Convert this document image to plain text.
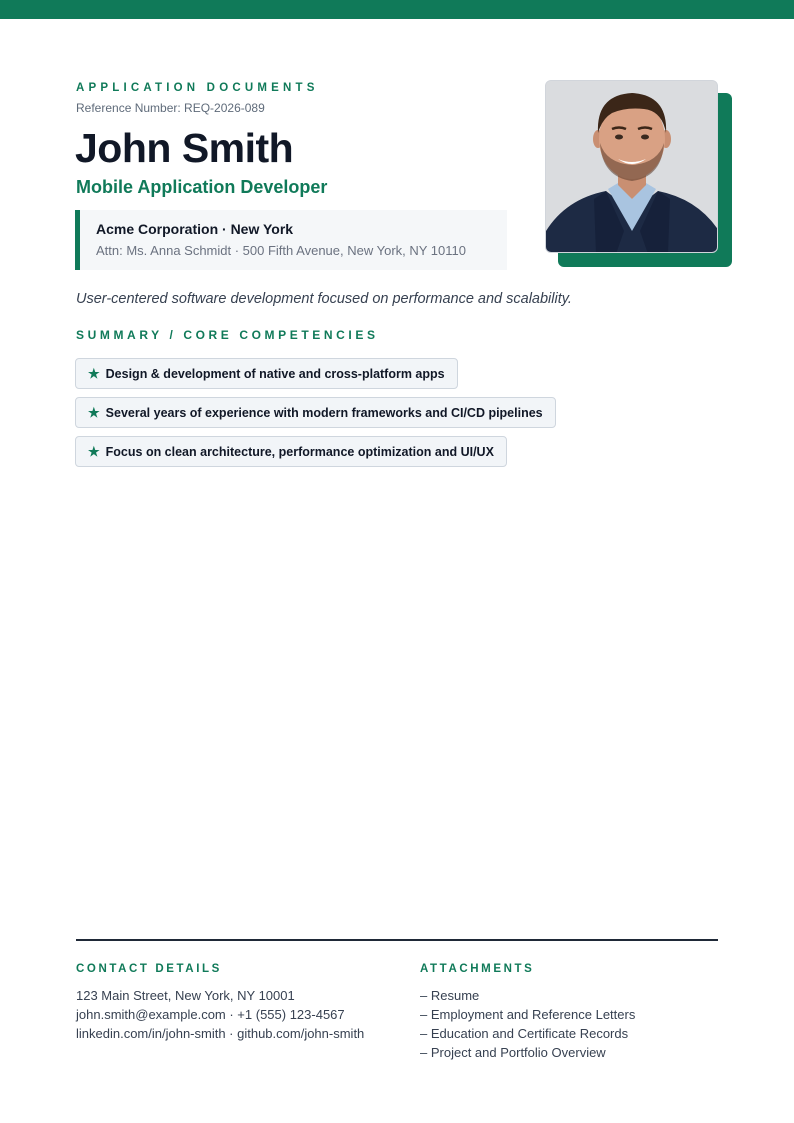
APPLICATION DOCUMENTS
Reference Number: REQ-2026-089
John Smith
Mobile Application Developer
Acme Corporation · New York
Attn: Ms. Anna Schmidt · 500 Fifth Avenue, New York, NY 10110
User-centered software development focused on performance and scalability.
SUMMARY / CORE COMPETENCIES
★ Design & development of native and cross-platform apps
★ Several years of experience with modern frameworks and CI/CD pipelines
★ Focus on clean architecture, performance optimization and UI/UX
CONTACT DETAILS
123 Main Street, New York, NY 10001
john.smith@example.com · +1 (555) 123-4567
linkedin.com/in/john-smith · github.com/john-smith
ATTACHMENTS
– Resume
– Employment and Reference Letters
– Education and Certificate Records
– Project and Portfolio Overview
